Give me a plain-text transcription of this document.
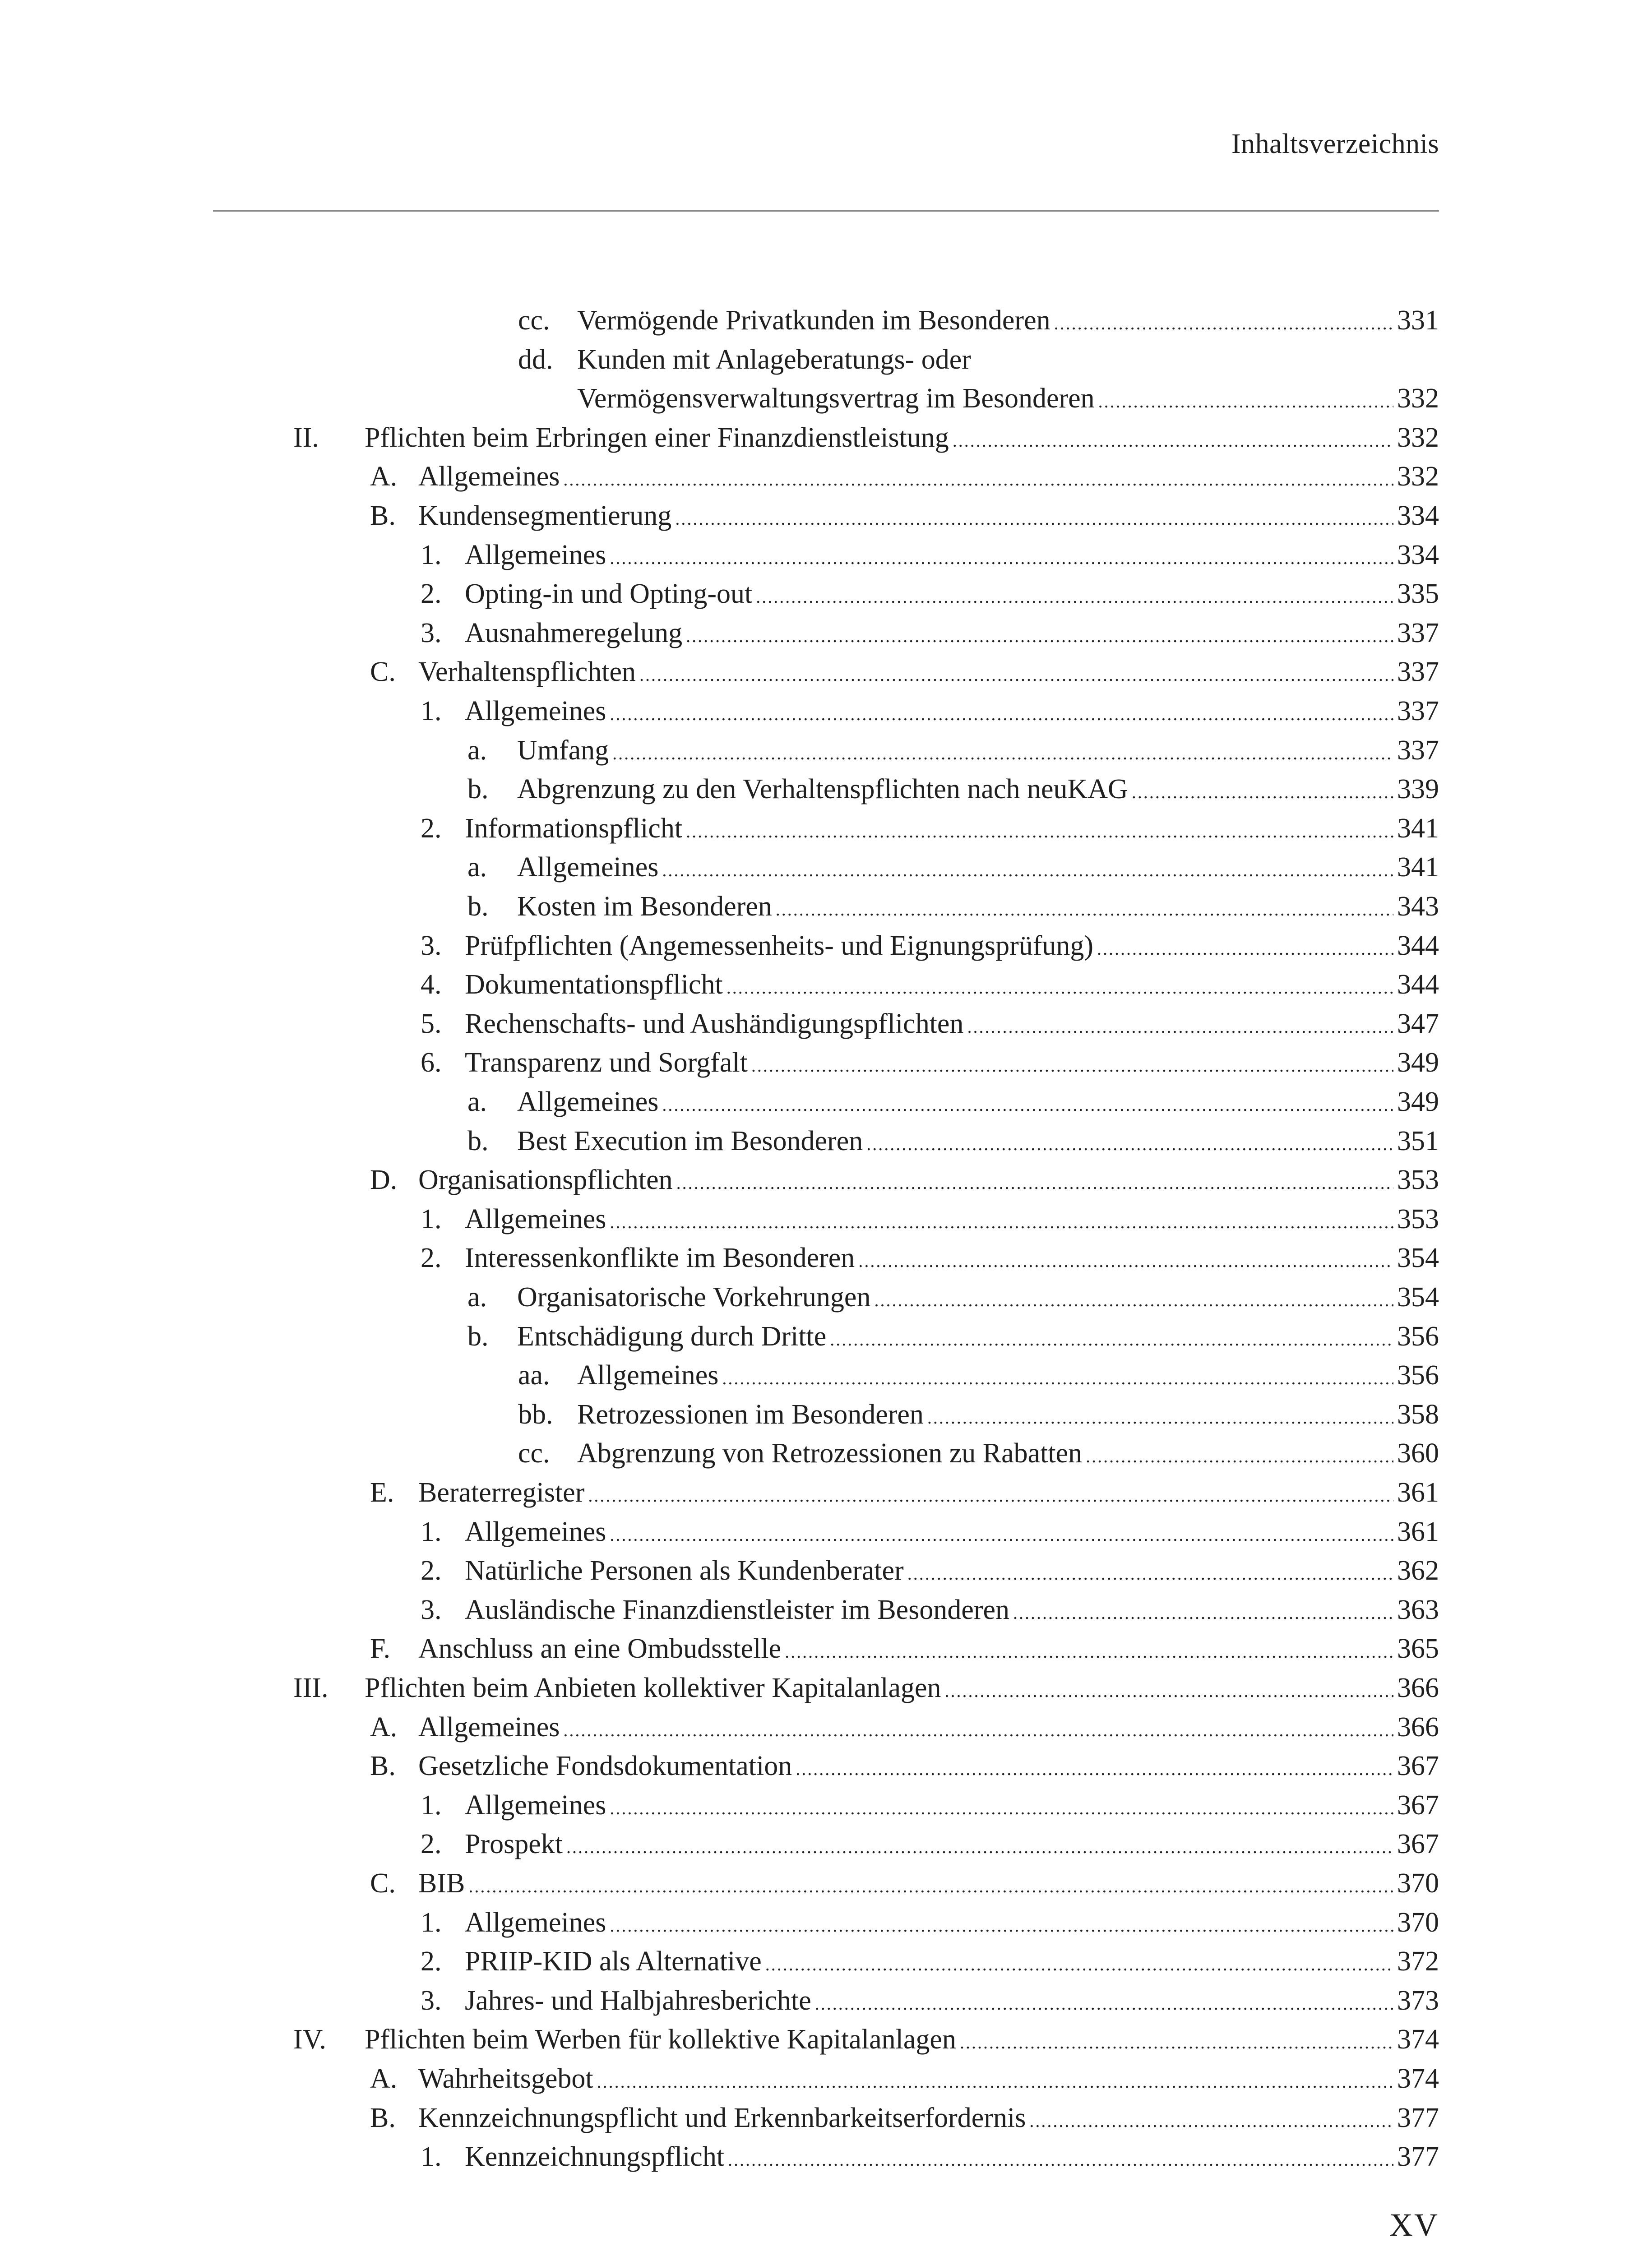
Inhaltsverzeichnis
cc. Vermögende Privatkunden im Besonderen .....	331
dd. Kunden mit Anlageberatungs- oder
Vermögensverwaltungsvertrag im Besonderen .....	332
II. Pflichten beim Erbringen einer Finanzdienstleistung .....	332
A. Allgemeines .....	332
B. Kundensegmentierung .....	334
1. Allgemeines .....	334
2. Opting-in und Opting-out .....	335
3. Ausnahmeregelung .....	337
C. Verhaltenspflichten .....	337
1. Allgemeines .....	337
a. Umfang .....	337
b. Abgrenzung zu den Verhaltenspflichten nach neuKAG .....	339
2. Informationspflicht .....	341
a. Allgemeines .....	341
b. Kosten im Besonderen .....	343
3. Prüfpflichten (Angemessenheits- und Eignungsprüfung) .....	344
4. Dokumentationspflicht .....	344
5. Rechenschafts- und Aushändigungspflichten .....	347
6. Transparenz und Sorgfalt .....	349
a. Allgemeines .....	349
b. Best Execution im Besonderen .....	351
D. Organisationspflichten .....	353
1. Allgemeines .....	353
2. Interessenkonflikte im Besonderen .....	354
a. Organisatorische Vorkehrungen .....	354
b. Entschädigung durch Dritte .....	356
aa. Allgemeines .....	356
bb. Retrozessionen im Besonderen .....	358
cc. Abgrenzung von Retrozessionen zu Rabatten .....	360
E. Beraterregister .....	361
1. Allgemeines .....	361
2. Natürliche Personen als Kundenberater .....	362
3. Ausländische Finanzdienstleister im Besonderen .....	363
F. Anschluss an eine Ombudsstelle .....	365
III. Pflichten beim Anbieten kollektiver Kapitalanlagen .....	366
A. Allgemeines .....	366
B. Gesetzliche Fondsdokumentation .....	367
1. Allgemeines .....	367
2. Prospekt .....	367
C. BIB .....	370
1. Allgemeines .....	370
2. PRIIP-KID als Alternative .....	372
3. Jahres- und Halbjahresberichte .....	373
IV. Pflichten beim Werben für kollektive Kapitalanlagen .....	374
A. Wahrheitsgebot .....	374
B. Kennzeichnungspflicht und Erkennbarkeitserfordernis .....	377
1. Kennzeichnungspflicht .....	377
XV
